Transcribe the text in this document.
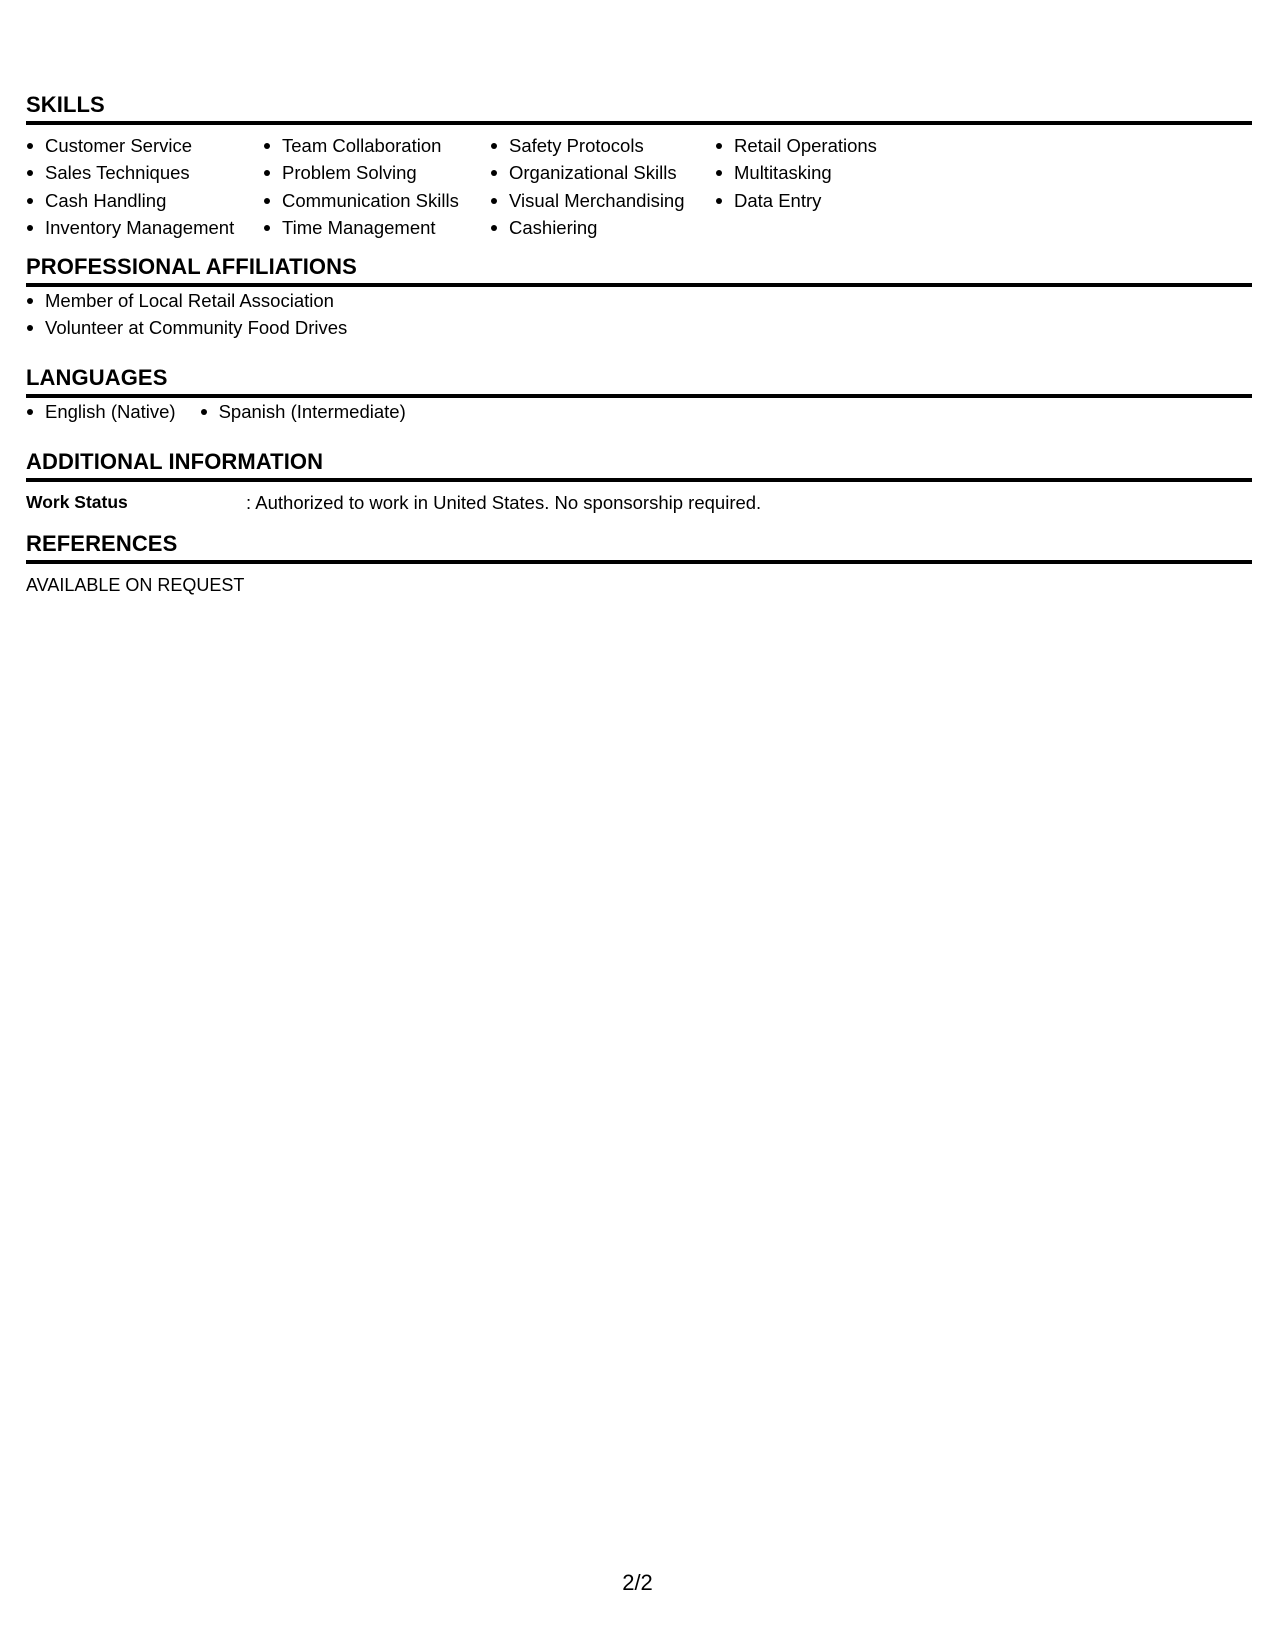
SKILLS
Customer Service
Sales Techniques
Cash Handling
Inventory Management
Team Collaboration
Problem Solving
Communication Skills
Time Management
Safety Protocols
Organizational Skills
Visual Merchandising
Cashiering
Retail Operations
Multitasking
Data Entry
PROFESSIONAL AFFILIATIONS
Member of Local Retail Association
Volunteer at Community Food Drives
LANGUAGES
English (Native)	Spanish (Intermediate)
ADDITIONAL INFORMATION
Work Status	: Authorized to work in United States. No sponsorship required.
REFERENCES
AVAILABLE ON REQUEST
2/2
